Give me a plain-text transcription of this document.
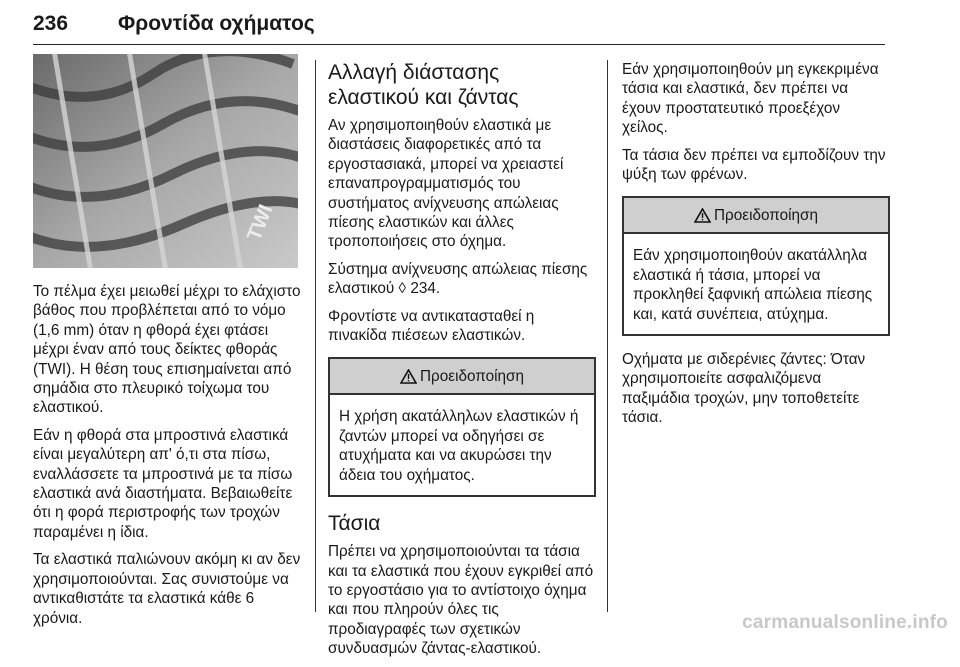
236 Φροντίδα οχήματος
TWI

Το πέλμα έχει μειωθεί μέχρι το ελάχιστο βάθος που προβλέπεται από το νόμο (1,6 mm) όταν η φθορά έχει φτάσει μέχρι έναν από τους δείκτες φθοράς (TWI). Η θέση τους επισημαίνεται από σημάδια στο πλευρικό τοίχωμα του ελαστικού.

Εάν η φθορά στα μπροστινά ελαστικά είναι μεγαλύτερη απ' ό,τι στα πίσω, εναλλάσσετε τα μπροστινά με τα πίσω ελαστικά ανά διαστήματα. Βεβαιωθείτε ότι η φορά περιστροφής των τροχών παραμένει η ίδια.

Τα ελαστικά παλιώνουν ακόμη κι αν δεν χρησιμοποιούνται. Σας συνιστούμε να αντικαθιστάτε τα ελαστικά κάθε 6 χρόνια.

Αλλαγή διάστασης ελαστικού και ζάντας

Αν χρησιμοποιηθούν ελαστικά με διαστάσεις διαφορετικές από τα εργοστασιακά, μπορεί να χρειαστεί επαναπρογραμματισμός του συστήματος ανίχνευσης απώλειας πίεσης ελαστικών και άλλες τροποποιήσεις στο όχημα.

Σύστημα ανίχνευσης απώλειας πίεσης ελαστικού ◊ 234.

Φροντίστε να αντικατασταθεί η πινακίδα πιέσεων ελαστικών.

Προειδοποίηση
Η χρήση ακατάλληλων ελαστικών ή ζαντών μπορεί να οδηγήσει σε ατυχήματα και να ακυρώσει την άδεια του οχήματος.
Τάσια

Πρέπει να χρησιμοποιούνται τα τάσια και τα ελαστικά που έχουν εγκριθεί από το εργοστάσιο για το αντίστοιχο όχημα και που πληρούν όλες τις προδιαγραφές των σχετικών συνδυασμών ζάντας-ελαστικού.

Εάν χρησιμοποιηθούν μη εγκεκριμένα τάσια και ελαστικά, δεν πρέπει να έχουν προστατευτικό προεξέχον χείλος.

Τα τάσια δεν πρέπει να εμποδίζουν την ψύξη των φρένων.

Προειδοποίηση
Εάν χρησιμοποιηθούν ακατάλληλα ελαστικά ή τάσια, μπορεί να προκληθεί ξαφνική απώλεια πίεσης και, κατά συνέπεια, ατύχημα.

Οχήματα με σιδερένιες ζάντες: Όταν χρησιμοποιείτε ασφαλιζόμενα παξιμάδια τροχών, μην τοποθετείτε τάσια.

carmanualsonline.info
